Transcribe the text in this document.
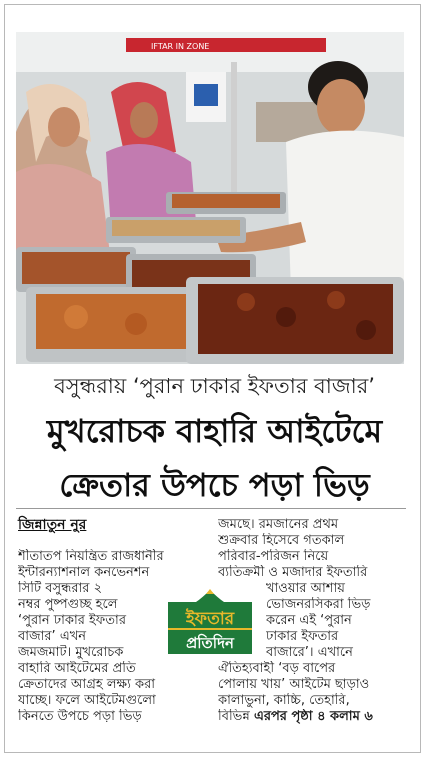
IFTAR IN ZONE
বসুন্ধরায় ‘পুরান ঢাকার ইফতার বাজার’
মুখরোচক বাহারি আইটেমে
ক্রেতার উপচে পড়া ভিড়
জিন্নাতুন নুর
শীতাতপ নিয়ন্ত্রিত রাজধানীর
ইন্টারন্যাশনাল কনভেনশন
সিটি বসুন্ধরার ২
নম্বর পুষ্পগুচ্ছ হলে
‘পুরান ঢাকার ইফতার
বাজার’ এখন
জমজমাট। মুখরোচক
বাহারি আইটেমের প্রতি
ক্রেতাদের আগ্রহ লক্ষ্য করা
যাচ্ছে। ফলে আইটেমগুলো
কিনতে উপচে পড়া ভিড়
জমছে। রমজানের প্রথম
শুক্রবার হিসেবে গতকাল
পরিবার-পরিজন নিয়ে
ব্যতিক্রমী ও মজাদার ইফতারি
খাওয়ার আশায়
ভোজনরসিকরা ভিড়
করেন এই ‘পুরান
ঢাকার ইফতার
বাজারে’। এখানে
ঐতিহ্যবাহী ‘বড় বাপের
পোলায় খায়’ আইটেম ছাড়াও
কালাভুনা, কাচ্চি, তেহারি,
বিভিন্ন এরপর পৃষ্ঠা ৪ কলাম ৬
ইফতার
প্রতিদিন
